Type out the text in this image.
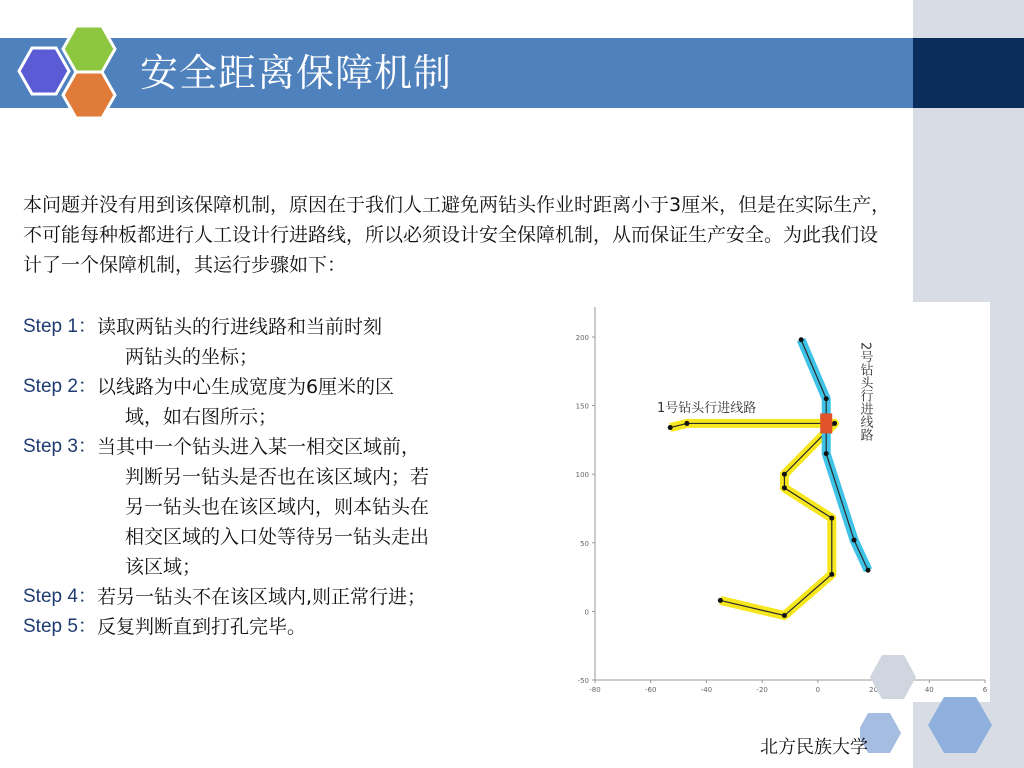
安全距离保障机制

本问题并没有用到该保障机制，原因在于我们人工避免两钻头作业时距离小于3厘米，但是在实际生产，不可能每种板都进行人工设计行进路线，所以必须设计安全保障机制，从而保证生产安全。为此我们设计了一个保障机制，其运行步骤如下：

Step 1： 读取两钻头的行进线路和当前时刻
两钻头的坐标；
Step 2： 以线路为中心生成宽度为6厘米的区
域，如右图所示；
Step 3： 当其中一个钻头进入某一相交区域前，
判断另一钻头是否也在该区域内；若
另一钻头也在该区域内，则本钻头在
相交区域的入口处等待另一钻头走出
该区域；
Step 4： 若另一钻头不在该区域内,则正常行进；
Step 5： 反复判断直到打孔完毕。
200
150
100
50
0
-50
-80	-60	-40	-20	0	20	40	6
1号钻头行进线路	2号钻头行进线路
北方民族大学
